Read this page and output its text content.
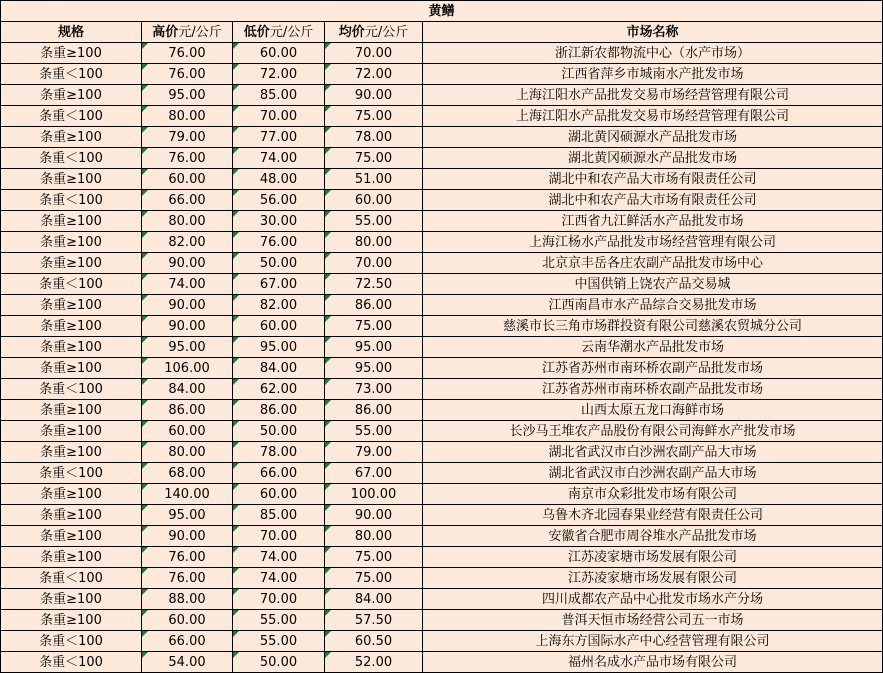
黄鳝				
规格	高价元/公斤	低价元/公斤	均价元/公斤	市场名称
条重≥100	76.00	60.00	70.00	浙江新农都物流中心（水产市场）
条重＜100	76.00	72.00	72.00	江西省萍乡市城南水产批发市场
条重≥100	95.00	85.00	90.00	上海江阳水产品批发交易市场经营管理有限公司
条重＜100	80.00	70.00	75.00	上海江阳水产品批发交易市场经营管理有限公司
条重≥100	79.00	77.00	78.00	湖北黄冈硕源水产品批发市场
条重＜100	76.00	74.00	75.00	湖北黄冈硕源水产品批发市场
条重≥100	60.00	48.00	51.00	湖北中和农产品大市场有限责任公司
条重＜100	66.00	56.00	60.00	湖北中和农产品大市场有限责任公司
条重≥100	80.00	30.00	55.00	江西省九江鲜活水产品批发市场
条重≥100	82.00	76.00	80.00	上海江杨水产品批发市场经营管理有限公司
条重≥100	90.00	50.00	70.00	北京京丰岳各庄农副产品批发市场中心
条重＜100	74.00	67.00	72.50	中国供销上饶农产品交易城
条重≥100	90.00	82.00	86.00	江西南昌市水产品综合交易批发市场
条重≥100	90.00	60.00	75.00	慈溪市长三角市场群投资有限公司慈溪农贸城分公司
条重≥100	95.00	95.00	95.00	云南华潮水产品批发市场
条重≥100	106.00	84.00	95.00	江苏省苏州市南环桥农副产品批发市场
条重＜100	84.00	62.00	73.00	江苏省苏州市南环桥农副产品批发市场
条重≥100	86.00	86.00	86.00	山西太原五龙口海鲜市场
条重≥100	60.00	50.00	55.00	长沙马王堆农产品股份有限公司海鲜水产批发市场
条重≥100	80.00	78.00	79.00	湖北省武汉市白沙洲农副产品大市场
条重＜100	68.00	66.00	67.00	湖北省武汉市白沙洲农副产品大市场
条重≥100	140.00	60.00	100.00	南京市众彩批发市场有限公司
条重≥100	95.00	85.00	90.00	乌鲁木齐北园春果业经营有限责任公司
条重≥100	90.00	70.00	80.00	安徽省合肥市周谷堆水产品批发市场
条重≥100	76.00	74.00	75.00	江苏凌家塘市场发展有限公司
条重＜100	76.00	74.00	75.00	江苏凌家塘市场发展有限公司
条重≥100	88.00	70.00	84.00	四川成都农产品中心批发市场水产分场
条重≥100	60.00	55.00	57.50	普洱天恒市场经营公司五一市场
条重＜100	66.00	55.00	60.50	上海东方国际水产中心经营管理有限公司
条重＜100	54.00	50.00	52.00	福州名成水产品市场有限公司
